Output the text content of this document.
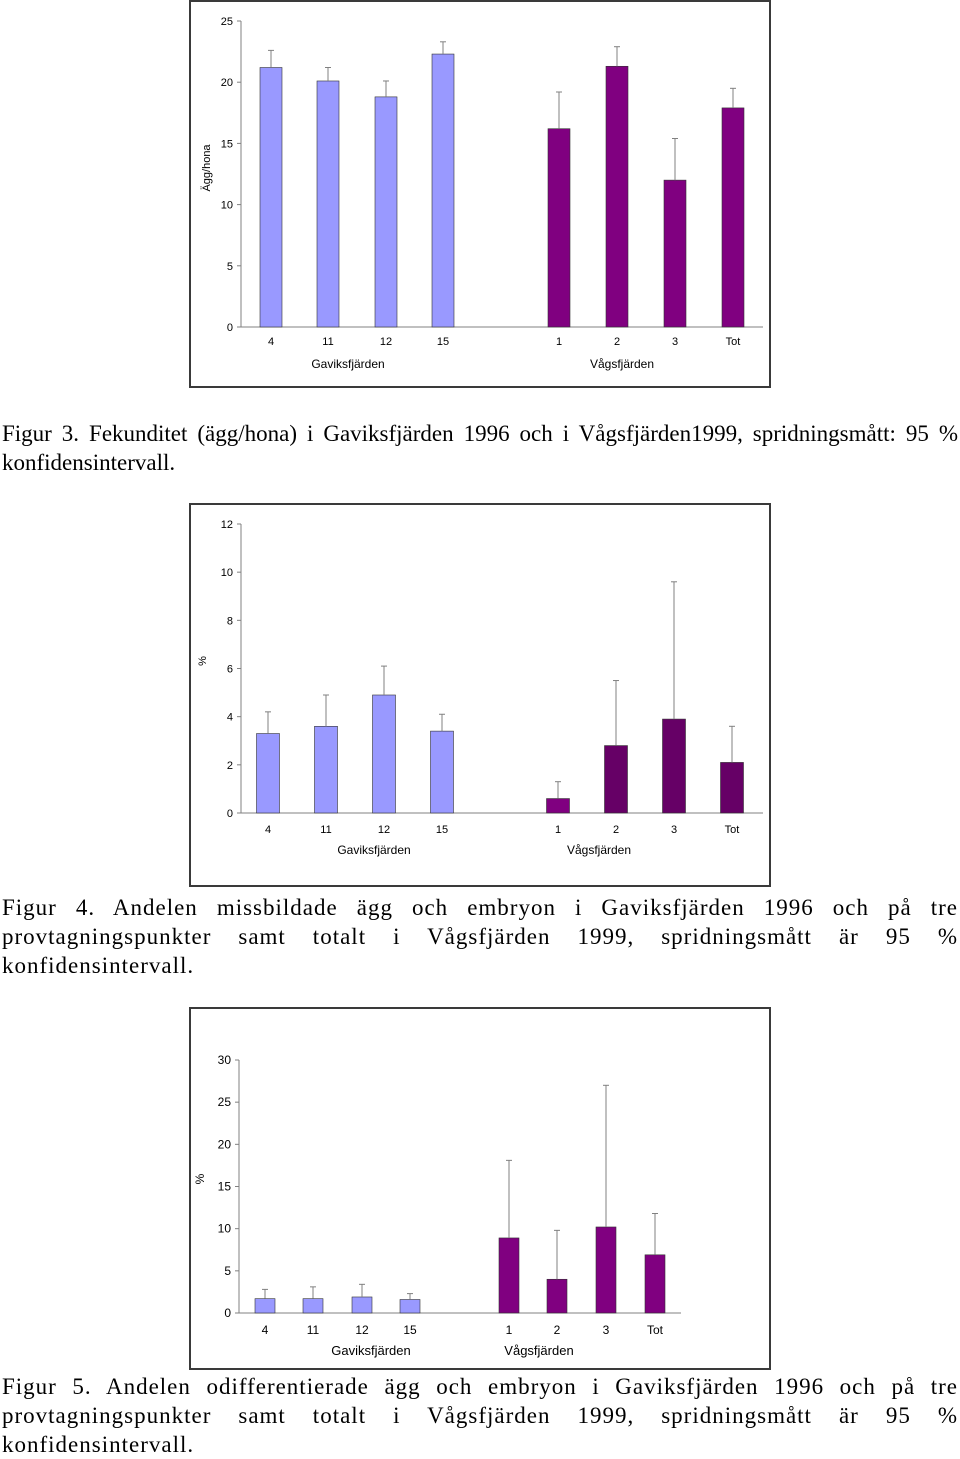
0
5
10
15
20
25
Ägg/hona
4	11	12	15
Gaviksfjärden
1	2	3	Tot
Vågsfjärden
Figur 3. Fekunditet (ägg/hona) i Gaviksfjärden 1996 och i Vågsfjärden1999, spridningsmått: 95 % konfidensintervall.
0
2
4
6
8
10
12
%
4	11	12	15
Gaviksfjärden
1	2	3	Tot
Vågsfjärden
Figur 4. Andelen missbildade ägg och embryon i Gaviksfjärden 1996 och på tre provtagningspunkter samt totalt i Vågsfjärden 1999, spridningsmått är 95 % konfidensintervall.
0
5
10
15
20
25
30
%
4	11	12	15
Gaviksfjärden
1	2	3	Tot
Vågsfjärden
Figur 5. Andelen odifferentierade ägg och embryon i Gaviksfjärden 1996 och på tre provtagningspunkter samt totalt i Vågsfjärden 1999, spridningsmått är 95 % konfidensintervall.
